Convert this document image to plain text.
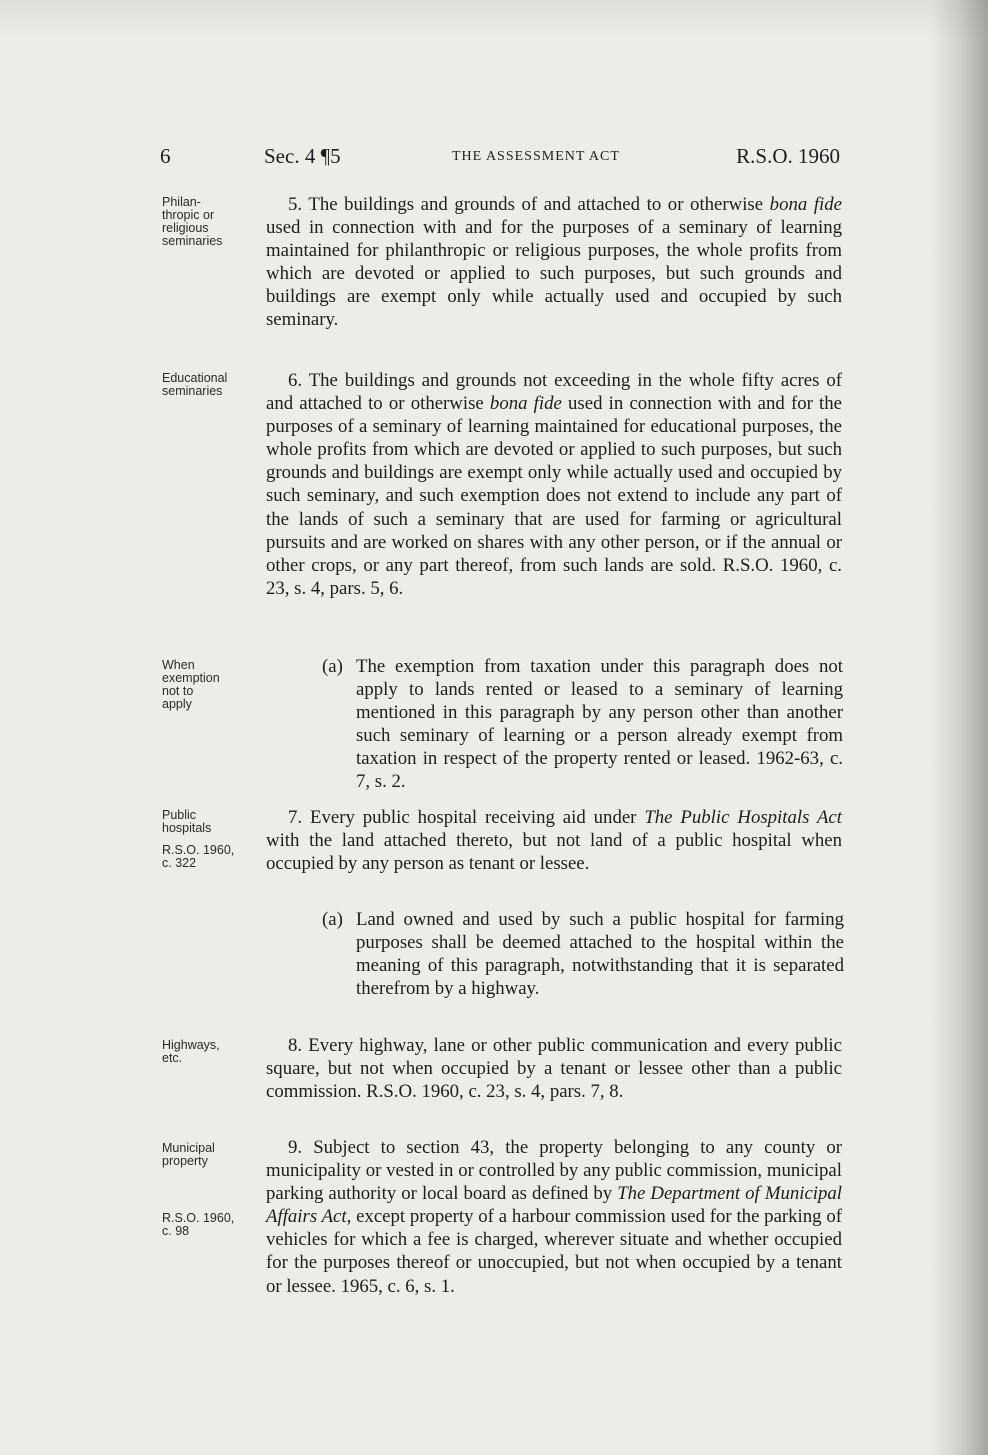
6	Sec. 4 ¶5	THE ASSESSMENT ACT	R.S.O. 1960
Philan-
thropic or
religious
seminaries
Educational
seminaries
When
exemption
not to
apply
Public
hospitals
R.S.O. 1960,
c. 322
Highways,
etc.
Municipal
property
R.S.O. 1960,
c. 98

5. The buildings and grounds of and attached to or otherwise bona fide used in connection with and for the purposes of a seminary of learning maintained for philanthropic or religious purposes, the whole profits from which are devoted or applied to such purposes, but such grounds and buildings are exempt only while actually used and occupied by such seminary.

6. The buildings and grounds not exceeding in the whole fifty acres of and attached to or otherwise bona fide used in connection with and for the purposes of a seminary of learning maintained for educational purposes, the whole profits from which are devoted or applied to such purposes, but such grounds and buildings are exempt only while actually used and occupied by such seminary, and such exemption does not extend to include any part of the lands of such a seminary that are used for farming or agricultural pursuits and are worked on shares with any other person, or if the annual or other crops, or any part thereof, from such lands are sold. R.S.O. 1960, c. 23, s. 4, pars. 5, 6.

(a) The exemption from taxation under this paragraph does not apply to lands rented or leased to a seminary of learning mentioned in this paragraph by any person other than another such seminary of learning or a person already exempt from taxation in respect of the property rented or leased. 1962-63, c. 7, s. 2.

7. Every public hospital receiving aid under The Public Hospitals Act with the land attached thereto, but not land of a public hospital when occupied by any person as tenant or lessee.

(a) Land owned and used by such a public hospital for farming purposes shall be deemed attached to the hospital within the meaning of this paragraph, notwithstanding that it is separated therefrom by a highway.

8. Every highway, lane or other public communication and every public square, but not when occupied by a tenant or lessee other than a public commission. R.S.O. 1960, c. 23, s. 4, pars. 7, 8.

9. Subject to section 43, the property belonging to any county or municipality or vested in or controlled by any public commission, municipal parking authority or local board as defined by The Department of Municipal Affairs Act, except property of a harbour commission used for the parking of vehicles for which a fee is charged, wherever situate and whether occupied for the purposes thereof or unoccupied, but not when occupied by a tenant or lessee. 1965, c. 6, s. 1.
